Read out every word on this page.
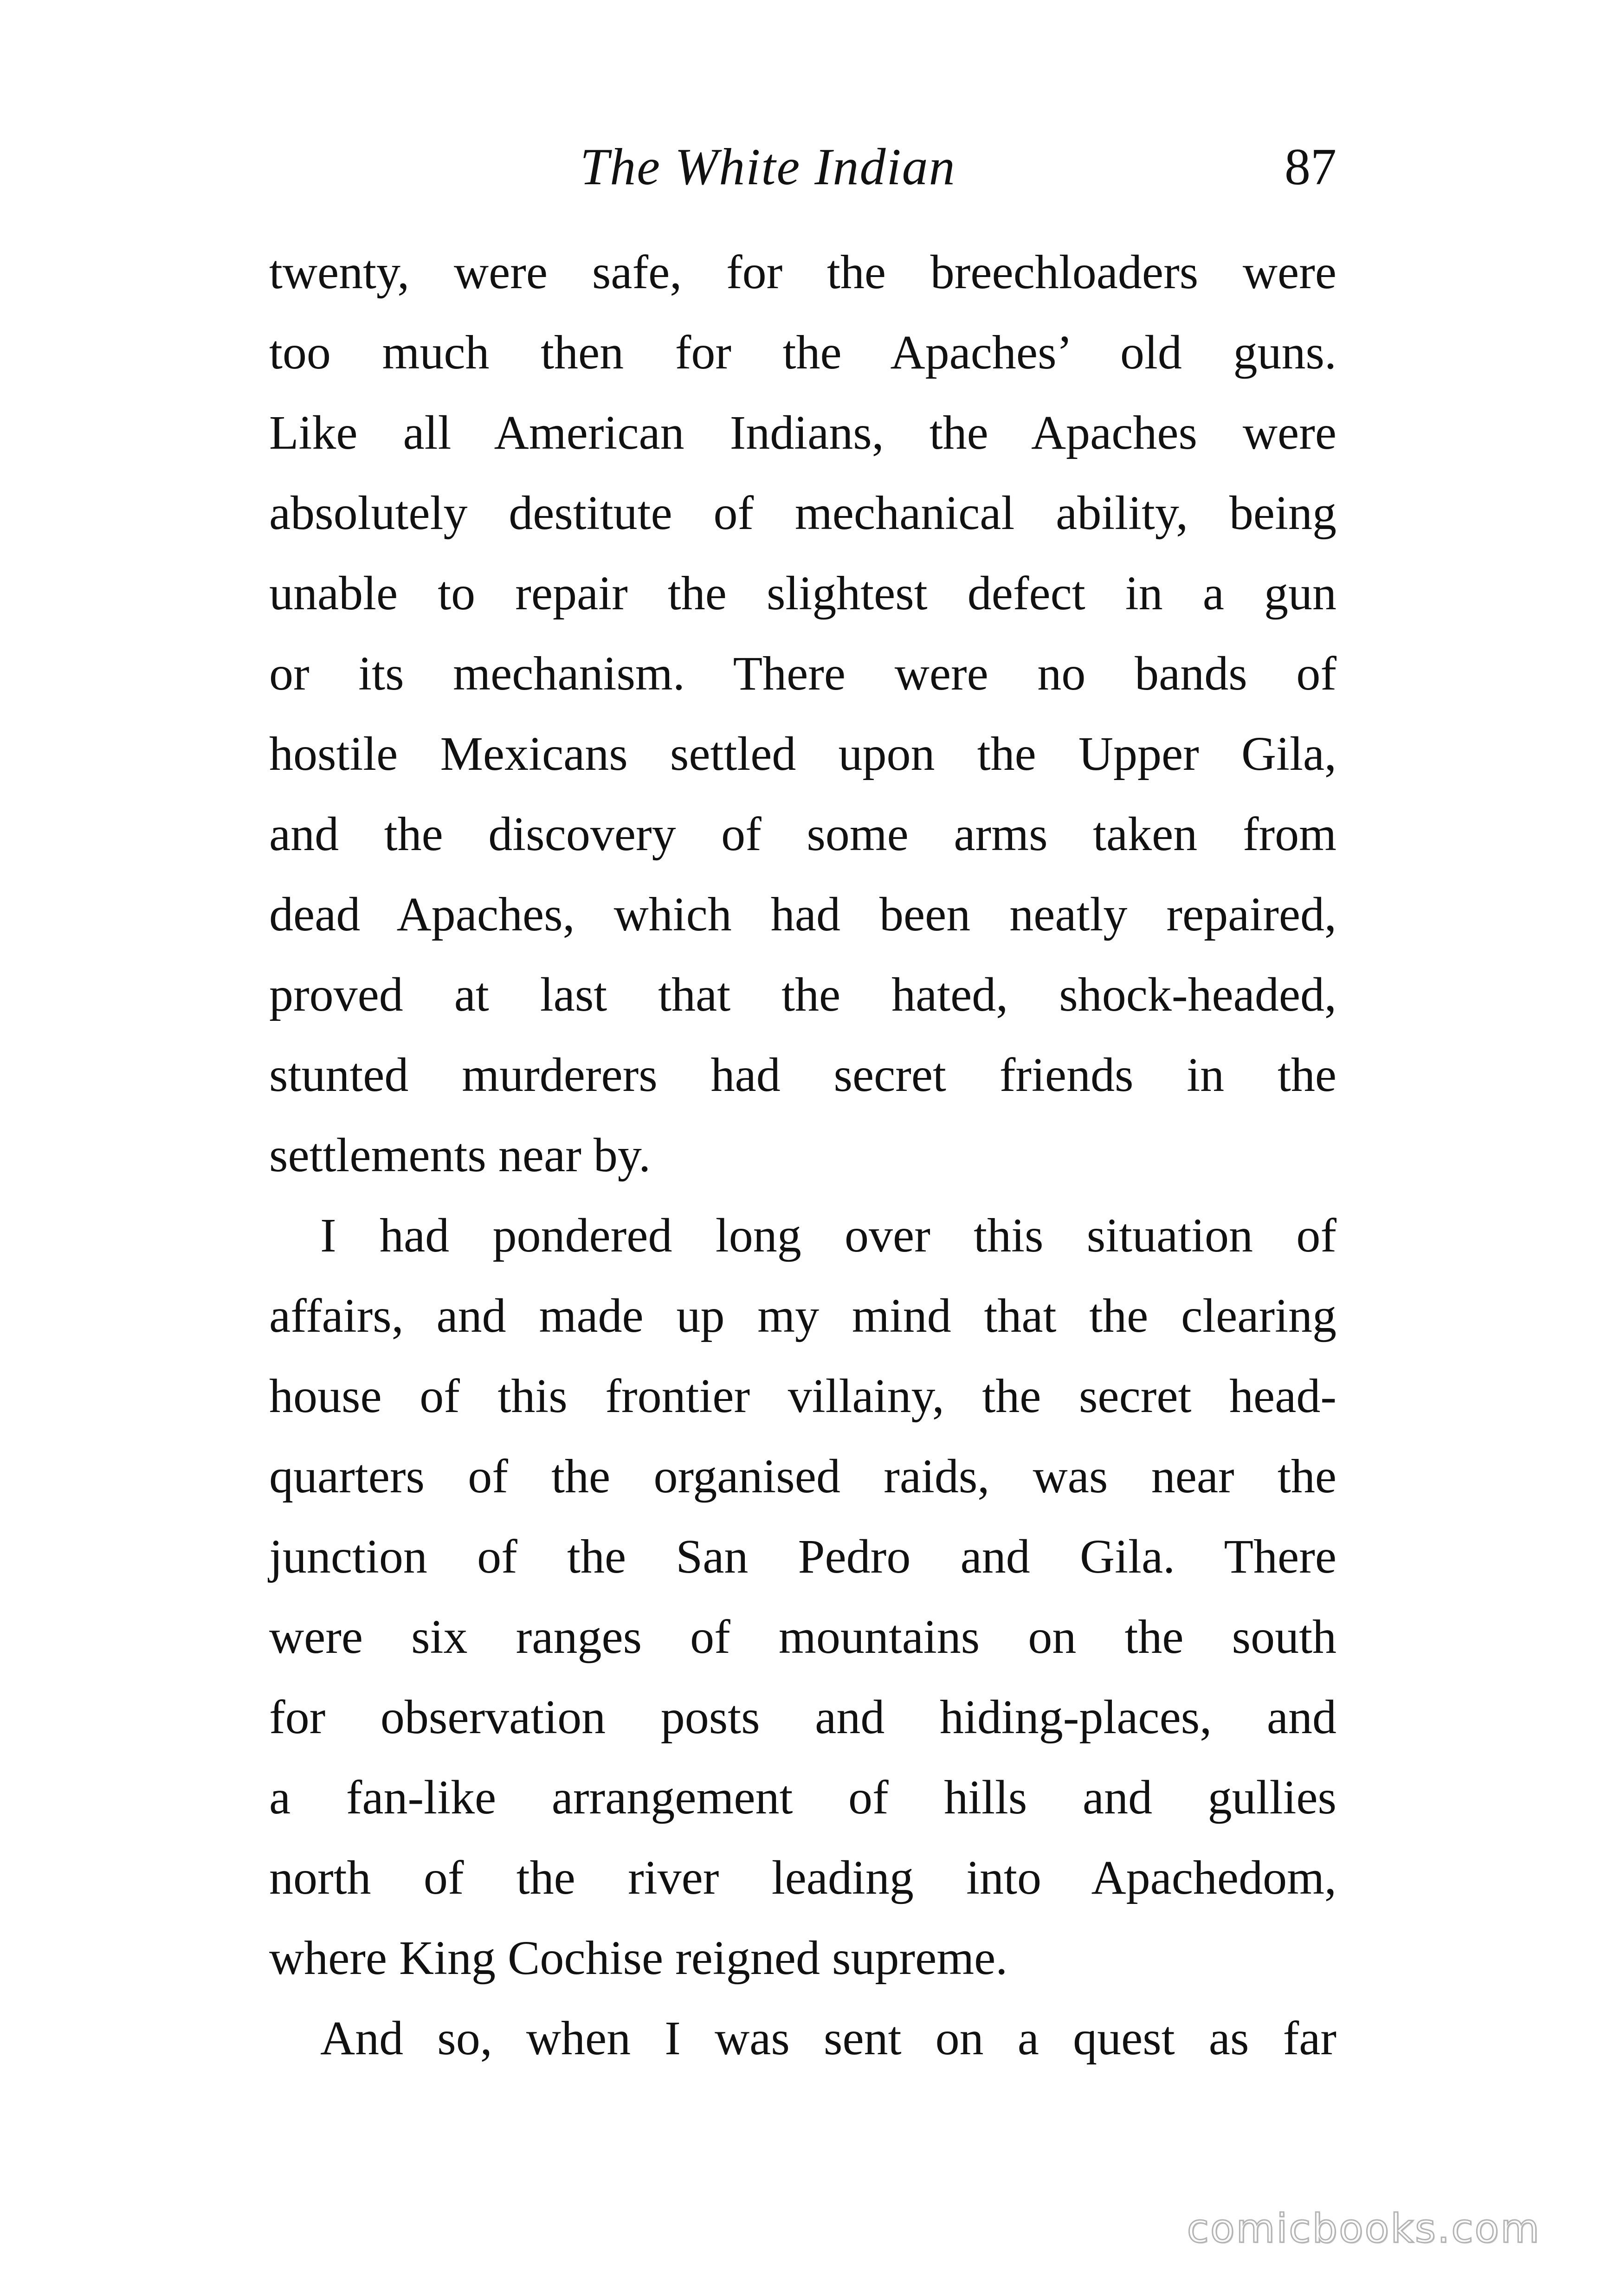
The White Indian	87
twenty, were safe, for the breechloaders were
too much then for the Apaches’ old guns.
Like all American Indians, the Apaches were
absolutely destitute of mechanical ability, being
unable to repair the slightest defect in a gun
or its mechanism. There were no bands of
hostile Mexicans settled upon the Upper Gila,
and the discovery of some arms taken from
dead Apaches, which had been neatly repaired,
proved at last that the hated, shock-headed,
stunted murderers had secret friends in the
settlements near by.
I had pondered long over this situation of
affairs, and made up my mind that the clearing
house of this frontier villainy, the secret head-
quarters of the organised raids, was near the
junction of the San Pedro and Gila. There
were six ranges of mountains on the south
for observation posts and hiding-places, and
a fan-like arrangement of hills and gullies
north of the river leading into Apachedom,
where King Cochise reigned supreme.
And so, when I was sent on a quest as far
comicbooks.com
